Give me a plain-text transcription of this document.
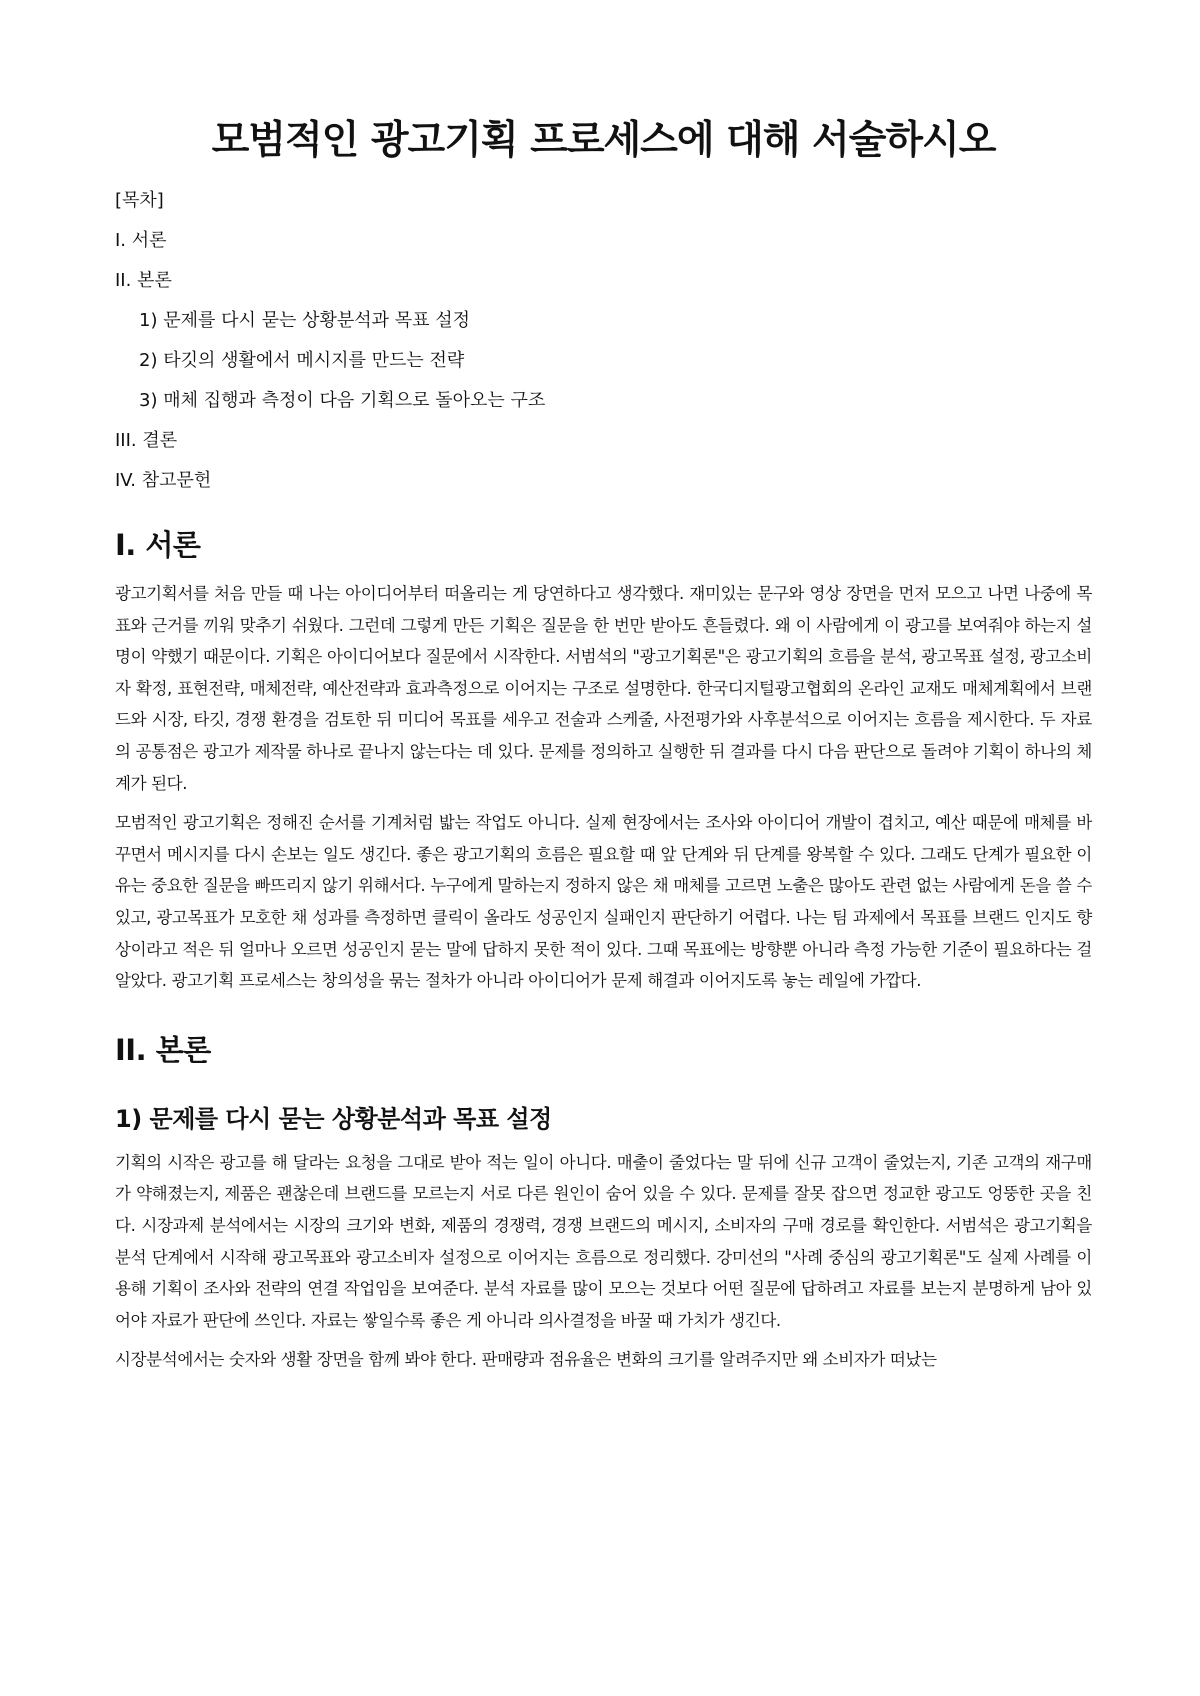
모범적인 광고기획 프로세스에 대해 서술하시오
[목차]
I. 서론
II. 본론
1) 문제를 다시 묻는 상황분석과 목표 설정
2) 타깃의 생활에서 메시지를 만드는 전략
3) 매체 집행과 측정이 다음 기획으로 돌아오는 구조
III. 결론
IV. 참고문헌
I. 서론

광고기획서를 처음 만들 때 나는 아이디어부터 떠올리는 게 당연하다고 생각했다. 재미있는 문구와 영상 장면을 먼저 모으고 나면 나중에 목표와 근거를 끼워 맞추기 쉬웠다. 그런데 그렇게 만든 기획은 질문을 한 번만 받아도 흔들렸다. 왜 이 사람에게 이 광고를 보여줘야 하는지 설명이 약했기 때문이다. 기획은 아이디어보다 질문에서 시작한다. 서범석의 "광고기획론"은 광고기획의 흐름을 분석, 광고목표 설정, 광고소비자 확정, 표현전략, 매체전략, 예산전략과 효과측정으로 이어지는 구조로 설명한다. 한국디지털광고협회의 온라인 교재도 매체계획에서 브랜드와 시장, 타깃, 경쟁 환경을 검토한 뒤 미디어 목표를 세우고 전술과 스케줄, 사전평가와 사후분석으로 이어지는 흐름을 제시한다. 두 자료의 공통점은 광고가 제작물 하나로 끝나지 않는다는 데 있다. 문제를 정의하고 실행한 뒤 결과를 다시 다음 판단으로 돌려야 기획이 하나의 체계가 된다.

모범적인 광고기획은 정해진 순서를 기계처럼 밟는 작업도 아니다. 실제 현장에서는 조사와 아이디어 개발이 겹치고, 예산 때문에 매체를 바꾸면서 메시지를 다시 손보는 일도 생긴다. 좋은 광고기획의 흐름은 필요할 때 앞 단계와 뒤 단계를 왕복할 수 있다. 그래도 단계가 필요한 이유는 중요한 질문을 빠뜨리지 않기 위해서다. 누구에게 말하는지 정하지 않은 채 매체를 고르면 노출은 많아도 관련 없는 사람에게 돈을 쓸 수 있고, 광고목표가 모호한 채 성과를 측정하면 클릭이 올라도 성공인지 실패인지 판단하기 어렵다. 나는 팀 과제에서 목표를 브랜드 인지도 향상이라고 적은 뒤 얼마나 오르면 성공인지 묻는 말에 답하지 못한 적이 있다. 그때 목표에는 방향뿐 아니라 측정 가능한 기준이 필요하다는 걸 알았다. 광고기획 프로세스는 창의성을 묶는 절차가 아니라 아이디어가 문제 해결과 이어지도록 놓는 레일에 가깝다.

II. 본론
1) 문제를 다시 묻는 상황분석과 목표 설정

기획의 시작은 광고를 해 달라는 요청을 그대로 받아 적는 일이 아니다. 매출이 줄었다는 말 뒤에 신규 고객이 줄었는지, 기존 고객의 재구매가 약해졌는지, 제품은 괜찮은데 브랜드를 모르는지 서로 다른 원인이 숨어 있을 수 있다. 문제를 잘못 잡으면 정교한 광고도 엉뚱한 곳을 친다. 시장과제 분석에서는 시장의 크기와 변화, 제품의 경쟁력, 경쟁 브랜드의 메시지, 소비자의 구매 경로를 확인한다. 서범석은 광고기획을 분석 단계에서 시작해 광고목표와 광고소비자 설정으로 이어지는 흐름으로 정리했다. 강미선의 "사례 중심의 광고기획론"도 실제 사례를 이용해 기획이 조사와 전략의 연결 작업임을 보여준다. 분석 자료를 많이 모으는 것보다 어떤 질문에 답하려고 자료를 보는지 분명하게 남아 있어야 자료가 판단에 쓰인다. 자료는 쌓일수록 좋은 게 아니라 의사결정을 바꿀 때 가치가 생긴다.

시장분석에서는 숫자와 생활 장면을 함께 봐야 한다. 판매량과 점유율은 변화의 크기를 알려주지만 왜 소비자가 떠났는
